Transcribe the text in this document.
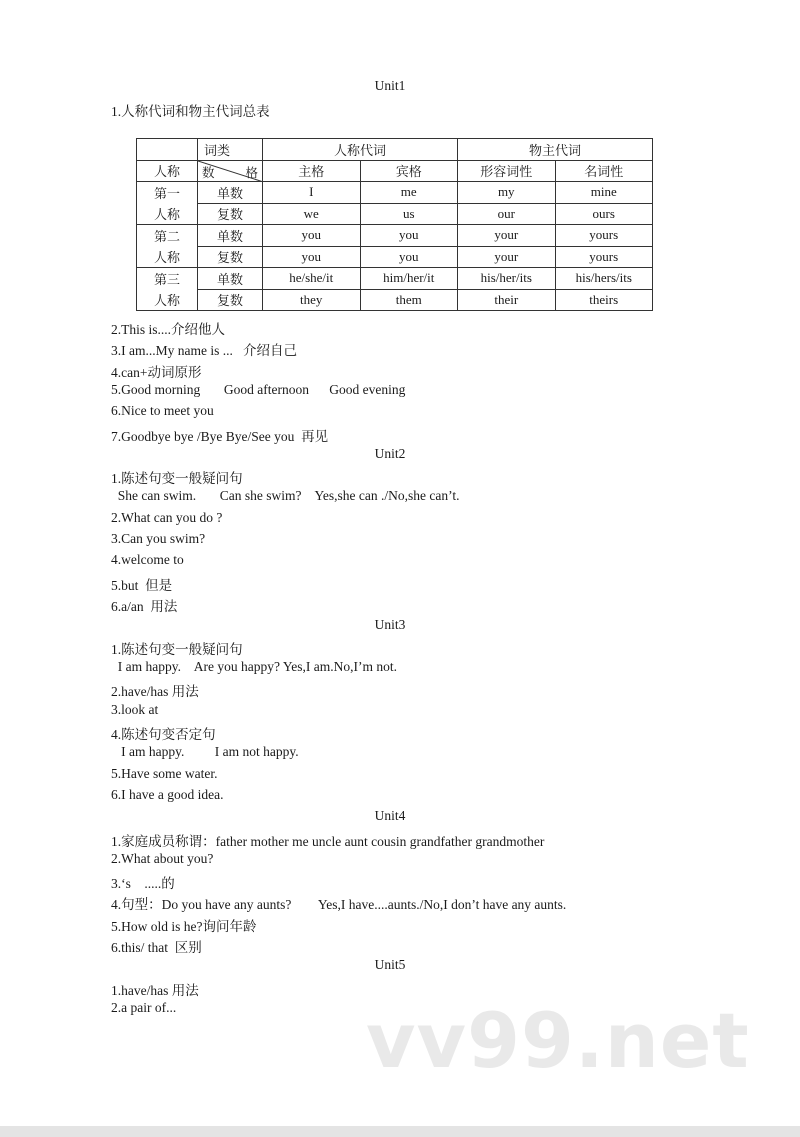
Unit1
1.人称代词和物主代词总表
	词类	人称代词		物主代词	
人称	数 格	主格	宾格	形容词性	名词性
第一	单数	I	me	my	mine
人称	复数	we	us	our	ours
第二	单数	you	you	your	yours
人称	复数	you	you	your	yours
第三	单数	he/she/it	him/her/it	his/her/its	his/hers/its
人称	复数	they	them	their	theirs
2.This is....介绍他人
3.I am...My name is ...   介绍自己
4.can+动词原形
5.Good morning       Good afternoon      Good evening
6.Nice to meet you
7.Goodbye bye /Bye Bye/See you  再见
Unit2
1.陈述句变一般疑问句
She can swim.       Can she swim?    Yes,she can ./No,she can’t.
2.What can you do ?
3.Can you swim?
4.welcome to
5.but  但是
6.a/an  用法
Unit3
1.陈述句变一般疑问句
I am happy.    Are you happy? Yes,I am.No,I’m not.
2.have/has 用法
3.look at
4.陈述句变否定句
I am happy.         I am not happy.
5.Have some water.
6.I have a good idea.
Unit4
1.家庭成员称谓：father mother me uncle aunt cousin grandfather grandmother
2.What about you?
3.‘s    .....的
4.句型：Do you have any aunts?        Yes,I have....aunts./No,I don’t have any aunts.
5.How old is he?询问年龄
6.this/ that  区别
Unit5
1.have/has 用法
2.a pair of... vv99.net
